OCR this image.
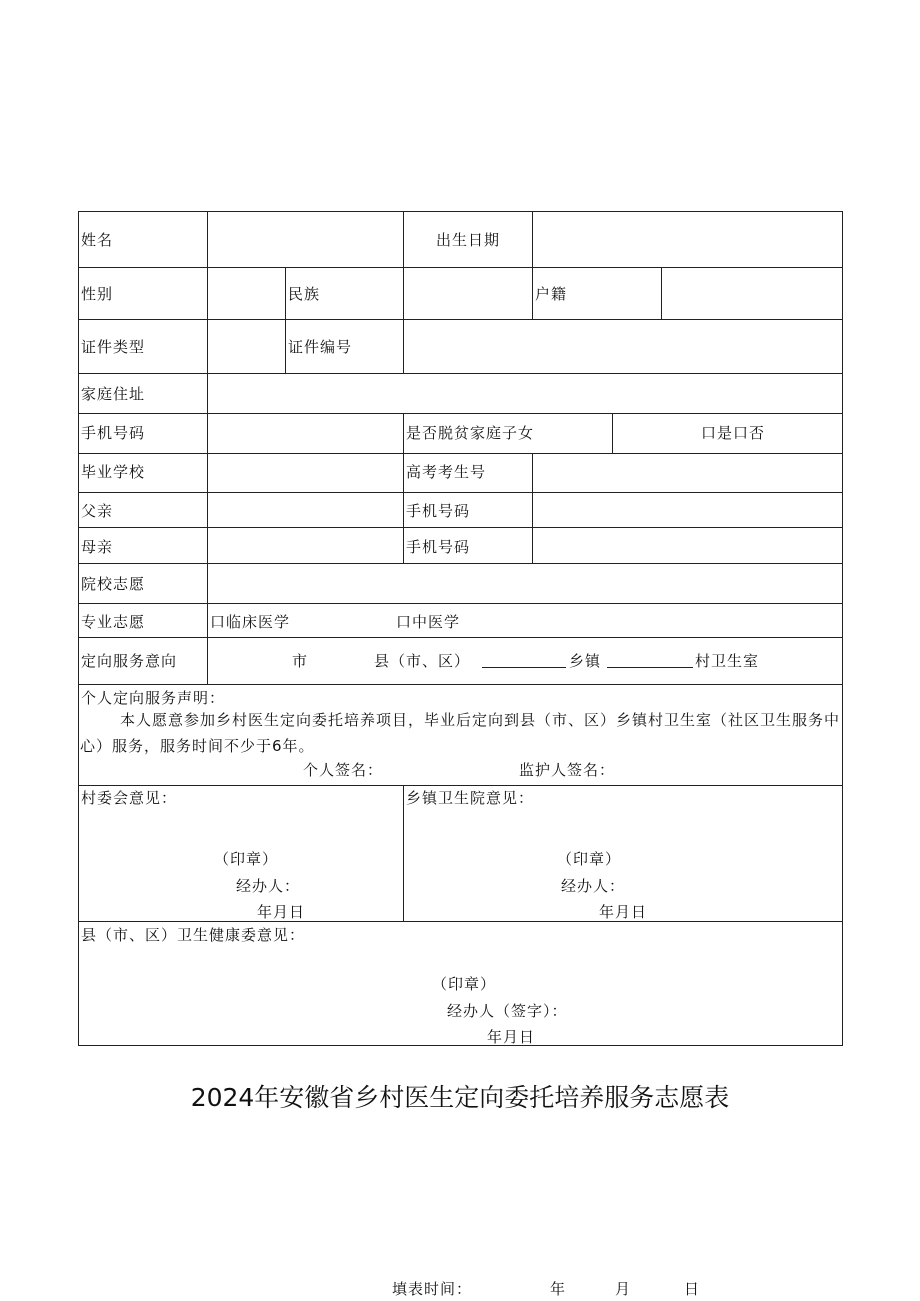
姓名	出生日期
性别	民族	户籍
证件类型	证件编号
家庭住址
手机号码	是否脱贫家庭子女	口是口否
毕业学校	高考考生号
父亲	手机号码
母亲	手机号码
院校志愿
专业志愿	口临床医学	口中医学
定向服务意向	市	县（市、区）	乡镇	村卫生室
个人定向服务声明：
本人愿意参加乡村医生定向委托培养项目，毕业后定向到县（市、区）乡镇村卫生室（社区卫生服务中心）服务，服务时间不少于6年。
个人签名：	监护人签名：
村委会意见：
（印章）
经办人：
年月日
乡镇卫生院意见：
（印章）
经办人：
年月日
县（市、区）卫生健康委意见：
（印章）
经办人（签字）：
年月日
2024年安徽省乡村医生定向委托培养服务志愿表
填表时间：	年	月	日
